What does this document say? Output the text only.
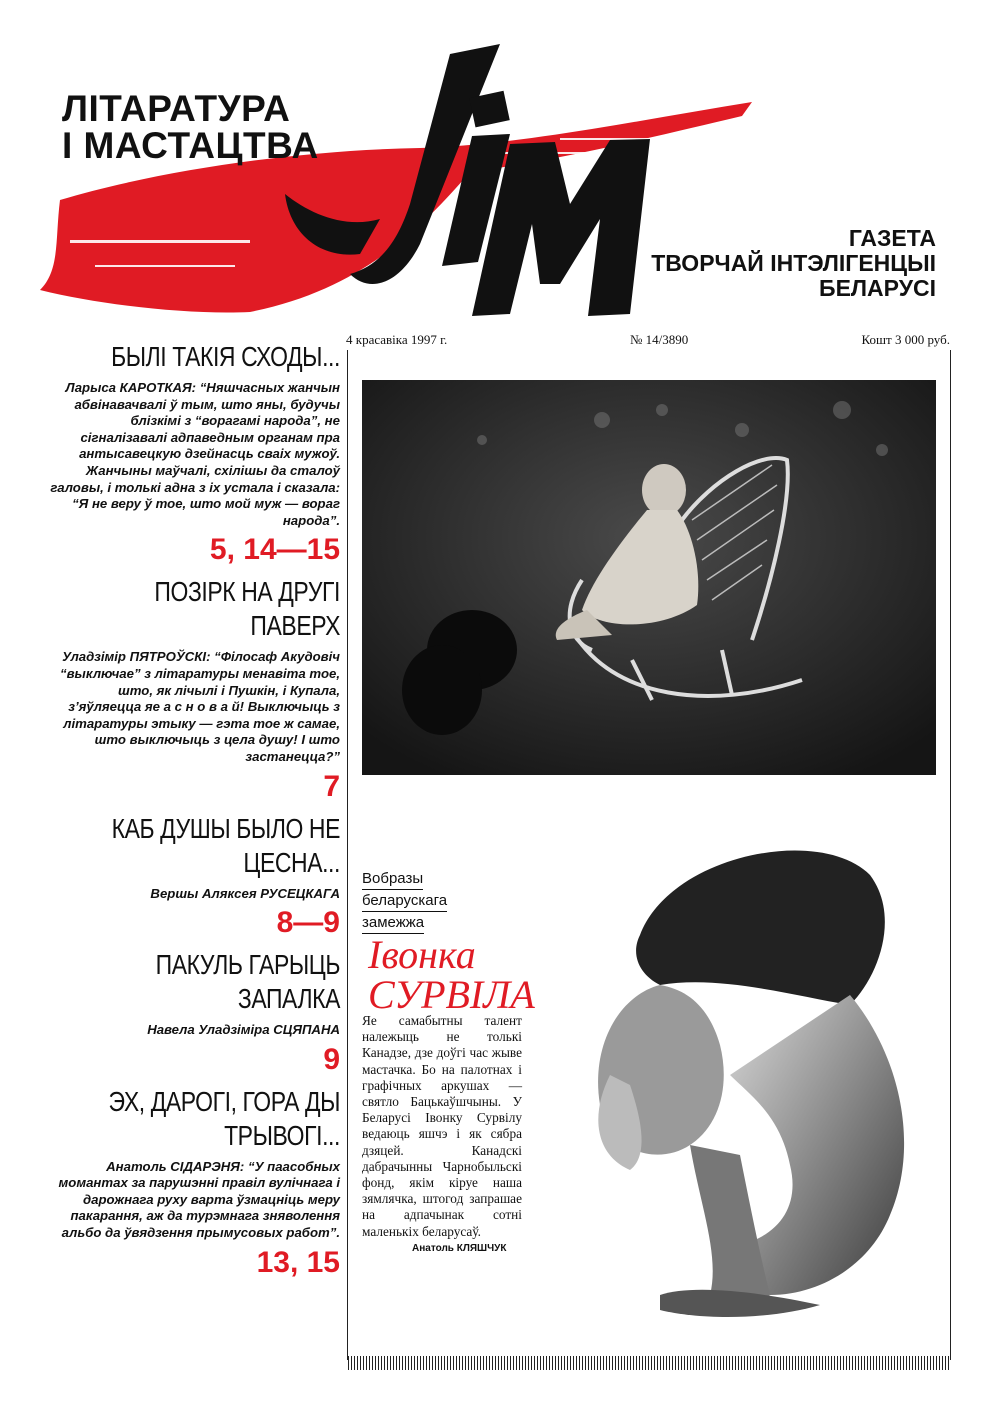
ЛІТАРАТУРА
І МАСТАЦТВА
ГАЗЕТА
ТВОРЧАЙ ІНТЭЛІГЕНЦЫІ
БЕЛАРУСІ
4 красавіка 1997 г.	№ 14/3890	Кошт 3 000 руб.
БЫЛІ ТАКІЯ СХОДЫ...
Ларыса КАРОТКАЯ: “Няшчасных жанчын абвінавачвалі ў тым, што яны, будучы блізкімі з “ворагамі народа”, не сігналізавалі адпаведным органам пра антысавецкую дзейнасць сваіх мужоў. Жанчыны маўчалі, схілішы да сталоў галовы, і толькі адна з іх устала і сказала: “Я не веру ў тое, што мой муж — вораг народа”.
5, 14—15
ПОЗІРК НА ДРУГІ ПАВЕРХ
Уладзімір ПЯТРОЎСКІ: “Філосаф Акудовіч “выключае” з літаратуры менавіта тое, што, як лічылі і Пушкін, і Купала, з’яўляецца яе а с н о в а й! Выключыць з літаратуры этыку — гэта тое ж самае, што выключыць з цела душу! І што застанецца?”
7
КАБ ДУШЫ БЫЛО НЕ ЦЕСНА...
Вершы Аляксея РУСЕЦКАГА
8—9
ПАКУЛЬ ГАРЫЦЬ ЗАПАЛКА
Навела Уладзіміра СЦЯПАНА
9
ЭХ, ДАРОГІ, ГОРА ДЫ ТРЫВОГІ...
Анатоль СІДАРЭНЯ: “У паасобных момантах за парушэнні правіл вулічнага і дарожнага руху варта ўзмацніць меру пакарання, аж да турэмнага зняволення альбо да ўвядзення прымусовых работ”.
13, 15
Вобразы
беларускага
замежжа
Івонка
СУРВІЛА
Яе самабытны талент належыць не толькі Канадзе, дзе доўгі час жыве мастачка. Бо на палотнах і графічных аркушах — святло Бацькаўшчыны. У Беларусі Івонку Сурвілу ведаюць яшчэ і як сябра дзяцей. Канадскі дабрачынны Чарнобыльскі фонд, якім кіруе наша зямлячка, штогод запрашае на адпачынак сотні маленькіх беларусаў.
Анатоль КЛЯШЧУК
